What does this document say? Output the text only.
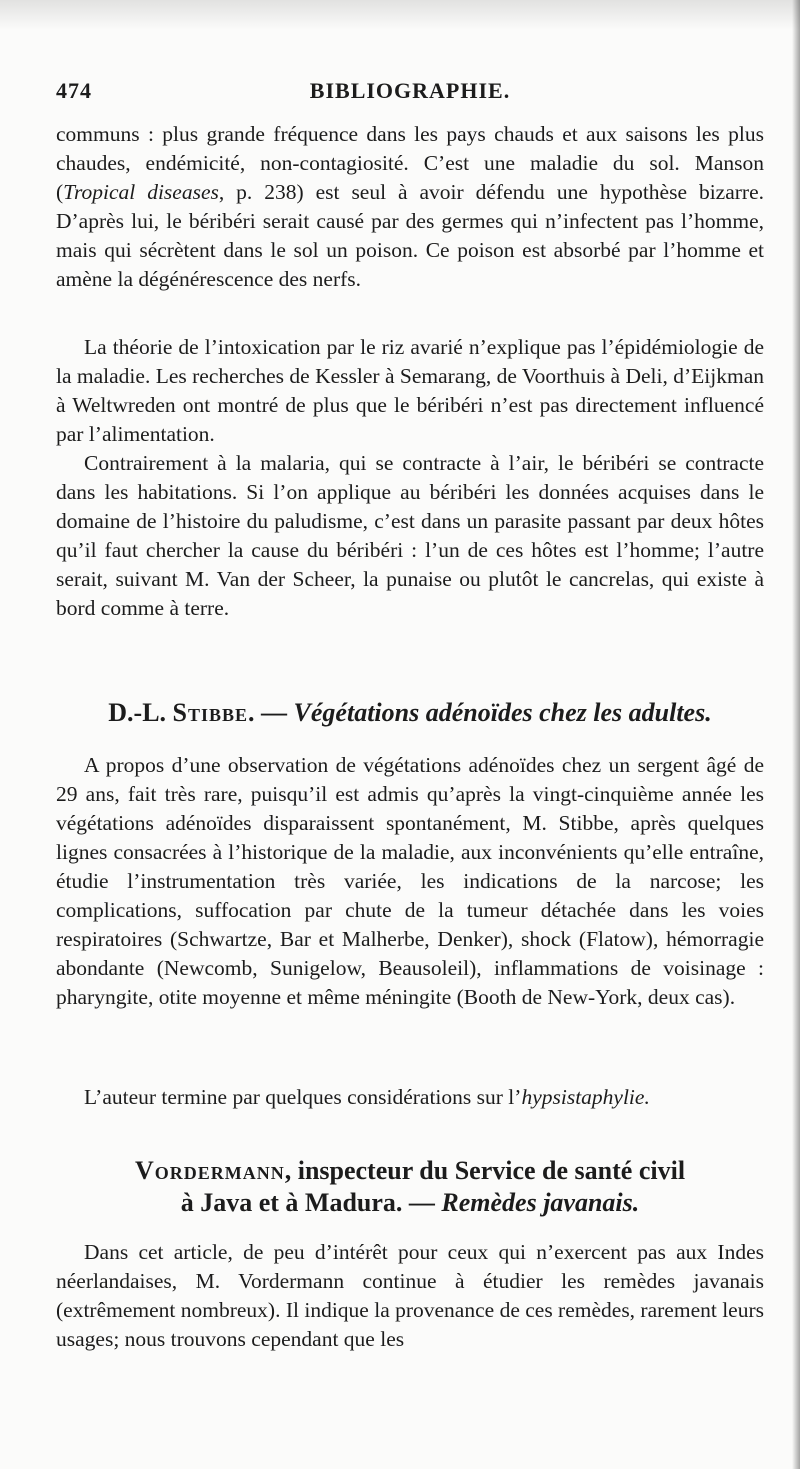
474	BIBLIOGRAPHIE.

communs : plus grande fréquence dans les pays chauds et aux saisons les plus chaudes, endémicité, non-contagiosité. C’est une maladie du sol. Manson (Tropical diseases, p. 238) est seul à avoir défendu une hypothèse bizarre. D’après lui, le béribéri serait causé par des germes qui n’infectent pas l’homme, mais qui sécrètent dans le sol un poison. Ce poison est absorbé par l’homme et amène la dégénérescence des nerfs.

La théorie de l’intoxication par le riz avarié n’explique pas l’épidémiologie de la maladie. Les recherches de Kessler à Semarang, de Voorthuis à Deli, d’Eijkman à Weltwreden ont montré de plus que le béribéri n’est pas directement influencé par l’alimentation.

Contrairement à la malaria, qui se contracte à l’air, le béribéri se contracte dans les habitations. Si l’on applique au béribéri les données acquises dans le domaine de l’histoire du paludisme, c’est dans un parasite passant par deux hôtes qu’il faut chercher la cause du béribéri : l’un de ces hôtes est l’homme; l’autre serait, suivant M. Van der Scheer, la punaise ou plutôt le cancrelas, qui existe à bord comme à terre.

D.-L. Stibbe. — Végétations adénoïdes chez les adultes.

A propos d’une observation de végétations adénoïdes chez un sergent âgé de 29 ans, fait très rare, puisqu’il est admis qu’après la vingt-cinquième année les végétations adénoïdes disparaissent spontanément, M. Stibbe, après quelques lignes consacrées à l’historique de la maladie, aux inconvénients qu’elle entraîne, étudie l’instrumentation très variée, les indications de la narcose; les complications, suffocation par chute de la tumeur détachée dans les voies respiratoires (Schwartze, Bar et Malherbe, Denker), shock (Flatow), hémorragie abondante (Newcomb, Sunigelow, Beausoleil), inflammations de voisinage : pharyngite, otite moyenne et même méningite (Booth de New-York, deux cas).

L’auteur termine par quelques considérations sur l’hypsistaphylie.

Vordermann, inspecteur du Service de santé civil
à Java et à Madura. — Remèdes javanais.

Dans cet article, de peu d’intérêt pour ceux qui n’exercent pas aux Indes néerlandaises, M. Vordermann continue à étudier les remèdes javanais (extrêmement nombreux). Il indique la provenance de ces remèdes, rarement leurs usages; nous trouvons cependant que les
